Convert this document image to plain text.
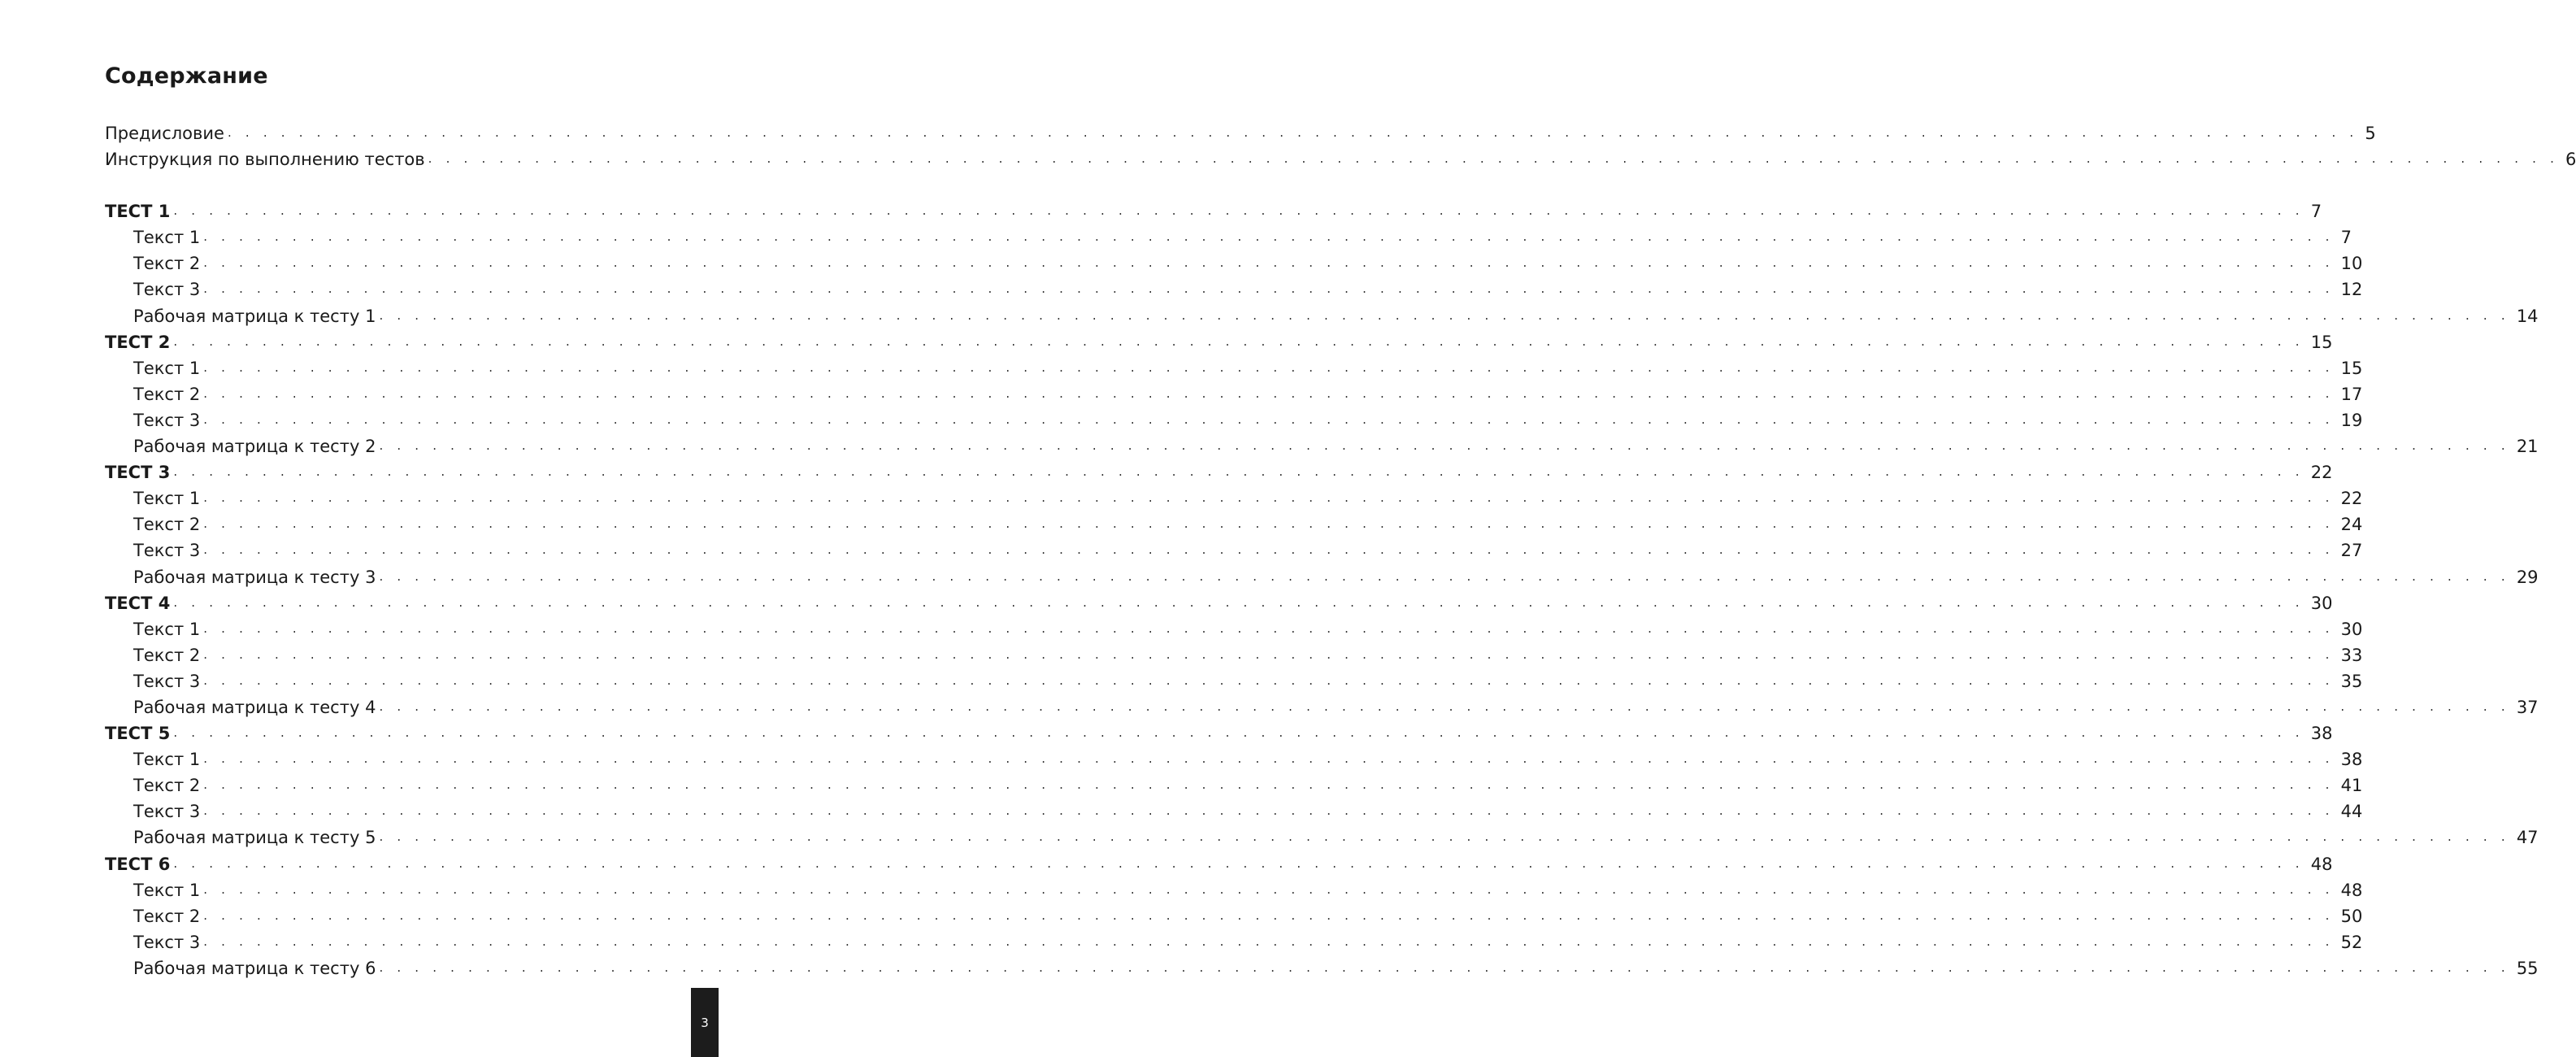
Содержание
Предисловие . . . . . . . . . . . . . . . . . . . . . . . . . . . . . . . . . . . . . . . . . . . . . . . . . . . . . . . . . . . . . . . . . . . . . . . . . . . . . . . . . . . . . . . . . . . . . . . . . . . . . . . . . . . . . . . . . . . . . . . . 5
Инструкция по выполнению тестов . . . . . . . . . . . . . . . . . . . . . . . . . . . . . . . . . . . . . . . . . . . . . . . . . . . . . . . . . . . . . . . . . . . . . . . . . . . . . . . . . . . . . . . . . . . . . . . . . . . . . . . . . . . . . . . . . . . . . . . . 6
ТЕСТ 1 . . . . . . . . . . . . . . . . . . . . . . . . . . . . . . . . . . . . . . . . . . . . . . . . . . . . . . . . . . . . . . . . . . . . . . . . . . . . . . . . . . . . . . . . . . . . . . . . . . . . . . . . . . . . . . . . . . . . . . . . 7
Текст 1 . . . . . . . . . . . . . . . . . . . . . . . . . . . . . . . . . . . . . . . . . . . . . . . . . . . . . . . . . . . . . . . . . . . . . . . . . . . . . . . . . . . . . . . . . . . . . . . . . . . . . . . . . . . . . . . . . . . . . . . . 7
Текст 2 . . . . . . . . . . . . . . . . . . . . . . . . . . . . . . . . . . . . . . . . . . . . . . . . . . . . . . . . . . . . . . . . . . . . . . . . . . . . . . . . . . . . . . . . . . . . . . . . . . . . . . . . . . . . . . . . . . . . . . . . 10
Текст 3 . . . . . . . . . . . . . . . . . . . . . . . . . . . . . . . . . . . . . . . . . . . . . . . . . . . . . . . . . . . . . . . . . . . . . . . . . . . . . . . . . . . . . . . . . . . . . . . . . . . . . . . . . . . . . . . . . . . . . . . . 12
Рабочая матрица к тесту 1 . . . . . . . . . . . . . . . . . . . . . . . . . . . . . . . . . . . . . . . . . . . . . . . . . . . . . . . . . . . . . . . . . . . . . . . . . . . . . . . . . . . . . . . . . . . . . . . . . . . . . . . . . . . . . . . . . . . . . . . . 14
ТЕСТ 2 . . . . . . . . . . . . . . . . . . . . . . . . . . . . . . . . . . . . . . . . . . . . . . . . . . . . . . . . . . . . . . . . . . . . . . . . . . . . . . . . . . . . . . . . . . . . . . . . . . . . . . . . . . . . . . . . . . . . . . . . 15
Текст 1 . . . . . . . . . . . . . . . . . . . . . . . . . . . . . . . . . . . . . . . . . . . . . . . . . . . . . . . . . . . . . . . . . . . . . . . . . . . . . . . . . . . . . . . . . . . . . . . . . . . . . . . . . . . . . . . . . . . . . . . . 15
Текст 2 . . . . . . . . . . . . . . . . . . . . . . . . . . . . . . . . . . . . . . . . . . . . . . . . . . . . . . . . . . . . . . . . . . . . . . . . . . . . . . . . . . . . . . . . . . . . . . . . . . . . . . . . . . . . . . . . . . . . . . . . 17
Текст 3 . . . . . . . . . . . . . . . . . . . . . . . . . . . . . . . . . . . . . . . . . . . . . . . . . . . . . . . . . . . . . . . . . . . . . . . . . . . . . . . . . . . . . . . . . . . . . . . . . . . . . . . . . . . . . . . . . . . . . . . . 19
Рабочая матрица к тесту 2 . . . . . . . . . . . . . . . . . . . . . . . . . . . . . . . . . . . . . . . . . . . . . . . . . . . . . . . . . . . . . . . . . . . . . . . . . . . . . . . . . . . . . . . . . . . . . . . . . . . . . . . . . . . . . . . . . . . . . . . . 21
ТЕСТ 3 . . . . . . . . . . . . . . . . . . . . . . . . . . . . . . . . . . . . . . . . . . . . . . . . . . . . . . . . . . . . . . . . . . . . . . . . . . . . . . . . . . . . . . . . . . . . . . . . . . . . . . . . . . . . . . . . . . . . . . . . 22
Текст 1 . . . . . . . . . . . . . . . . . . . . . . . . . . . . . . . . . . . . . . . . . . . . . . . . . . . . . . . . . . . . . . . . . . . . . . . . . . . . . . . . . . . . . . . . . . . . . . . . . . . . . . . . . . . . . . . . . . . . . . . . 22
Текст 2 . . . . . . . . . . . . . . . . . . . . . . . . . . . . . . . . . . . . . . . . . . . . . . . . . . . . . . . . . . . . . . . . . . . . . . . . . . . . . . . . . . . . . . . . . . . . . . . . . . . . . . . . . . . . . . . . . . . . . . . . 24
Текст 3 . . . . . . . . . . . . . . . . . . . . . . . . . . . . . . . . . . . . . . . . . . . . . . . . . . . . . . . . . . . . . . . . . . . . . . . . . . . . . . . . . . . . . . . . . . . . . . . . . . . . . . . . . . . . . . . . . . . . . . . . 27
Рабочая матрица к тесту 3 . . . . . . . . . . . . . . . . . . . . . . . . . . . . . . . . . . . . . . . . . . . . . . . . . . . . . . . . . . . . . . . . . . . . . . . . . . . . . . . . . . . . . . . . . . . . . . . . . . . . . . . . . . . . . . . . . . . . . . . . 29
ТЕСТ 4 . . . . . . . . . . . . . . . . . . . . . . . . . . . . . . . . . . . . . . . . . . . . . . . . . . . . . . . . . . . . . . . . . . . . . . . . . . . . . . . . . . . . . . . . . . . . . . . . . . . . . . . . . . . . . . . . . . . . . . . . 30
Текст 1 . . . . . . . . . . . . . . . . . . . . . . . . . . . . . . . . . . . . . . . . . . . . . . . . . . . . . . . . . . . . . . . . . . . . . . . . . . . . . . . . . . . . . . . . . . . . . . . . . . . . . . . . . . . . . . . . . . . . . . . . 30
Текст 2 . . . . . . . . . . . . . . . . . . . . . . . . . . . . . . . . . . . . . . . . . . . . . . . . . . . . . . . . . . . . . . . . . . . . . . . . . . . . . . . . . . . . . . . . . . . . . . . . . . . . . . . . . . . . . . . . . . . . . . . . 33
Текст 3 . . . . . . . . . . . . . . . . . . . . . . . . . . . . . . . . . . . . . . . . . . . . . . . . . . . . . . . . . . . . . . . . . . . . . . . . . . . . . . . . . . . . . . . . . . . . . . . . . . . . . . . . . . . . . . . . . . . . . . . . 35
Рабочая матрица к тесту 4 . . . . . . . . . . . . . . . . . . . . . . . . . . . . . . . . . . . . . . . . . . . . . . . . . . . . . . . . . . . . . . . . . . . . . . . . . . . . . . . . . . . . . . . . . . . . . . . . . . . . . . . . . . . . . . . . . . . . . . . . 37
ТЕСТ 5 . . . . . . . . . . . . . . . . . . . . . . . . . . . . . . . . . . . . . . . . . . . . . . . . . . . . . . . . . . . . . . . . . . . . . . . . . . . . . . . . . . . . . . . . . . . . . . . . . . . . . . . . . . . . . . . . . . . . . . . . 38
Текст 1 . . . . . . . . . . . . . . . . . . . . . . . . . . . . . . . . . . . . . . . . . . . . . . . . . . . . . . . . . . . . . . . . . . . . . . . . . . . . . . . . . . . . . . . . . . . . . . . . . . . . . . . . . . . . . . . . . . . . . . . . 38
Текст 2 . . . . . . . . . . . . . . . . . . . . . . . . . . . . . . . . . . . . . . . . . . . . . . . . . . . . . . . . . . . . . . . . . . . . . . . . . . . . . . . . . . . . . . . . . . . . . . . . . . . . . . . . . . . . . . . . . . . . . . . . 41
Текст 3 . . . . . . . . . . . . . . . . . . . . . . . . . . . . . . . . . . . . . . . . . . . . . . . . . . . . . . . . . . . . . . . . . . . . . . . . . . . . . . . . . . . . . . . . . . . . . . . . . . . . . . . . . . . . . . . . . . . . . . . . 44
Рабочая матрица к тесту 5 . . . . . . . . . . . . . . . . . . . . . . . . . . . . . . . . . . . . . . . . . . . . . . . . . . . . . . . . . . . . . . . . . . . . . . . . . . . . . . . . . . . . . . . . . . . . . . . . . . . . . . . . . . . . . . . . . . . . . . . . 47
ТЕСТ 6 . . . . . . . . . . . . . . . . . . . . . . . . . . . . . . . . . . . . . . . . . . . . . . . . . . . . . . . . . . . . . . . . . . . . . . . . . . . . . . . . . . . . . . . . . . . . . . . . . . . . . . . . . . . . . . . . . . . . . . . . 48
Текст 1 . . . . . . . . . . . . . . . . . . . . . . . . . . . . . . . . . . . . . . . . . . . . . . . . . . . . . . . . . . . . . . . . . . . . . . . . . . . . . . . . . . . . . . . . . . . . . . . . . . . . . . . . . . . . . . . . . . . . . . . . 48
Текст 2 . . . . . . . . . . . . . . . . . . . . . . . . . . . . . . . . . . . . . . . . . . . . . . . . . . . . . . . . . . . . . . . . . . . . . . . . . . . . . . . . . . . . . . . . . . . . . . . . . . . . . . . . . . . . . . . . . . . . . . . . 50
Текст 3 . . . . . . . . . . . . . . . . . . . . . . . . . . . . . . . . . . . . . . . . . . . . . . . . . . . . . . . . . . . . . . . . . . . . . . . . . . . . . . . . . . . . . . . . . . . . . . . . . . . . . . . . . . . . . . . . . . . . . . . . 52
Рабочая матрица к тесту 6 . . . . . . . . . . . . . . . . . . . . . . . . . . . . . . . . . . . . . . . . . . . . . . . . . . . . . . . . . . . . . . . . . . . . . . . . . . . . . . . . . . . . . . . . . . . . . . . . . . . . . . . . . . . . . . . . . . . . . . . . 55
3
